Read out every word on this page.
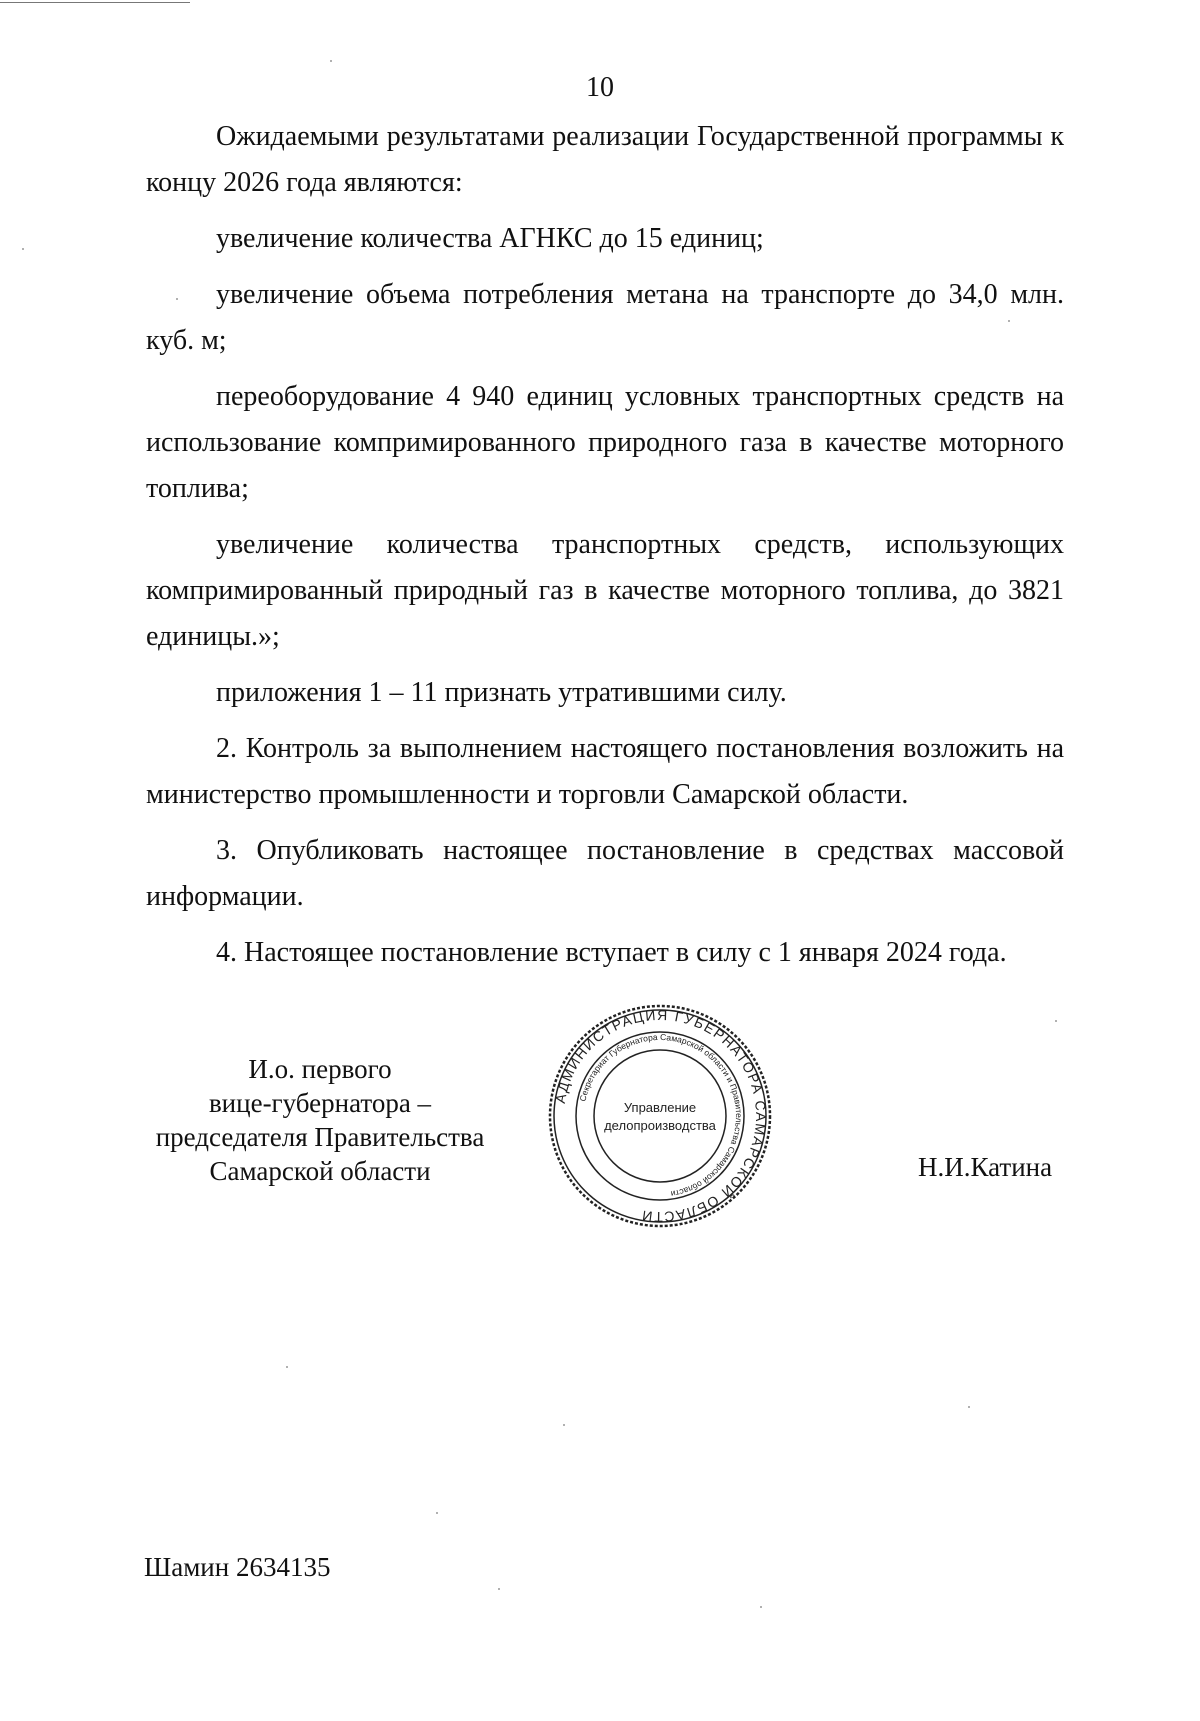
10

Ожидаемыми результатами реализации Государственной программы к концу 2026 года являются:

увеличение количества АГНКС до 15 единиц;

увеличение объема потребления метана на транспорте до 34,0 млн. куб. м;

переоборудование 4 940 единиц условных транспортных средств на использование компримированного природного газа в качестве моторного топлива;

увеличение количества транспортных средств, использующих компримированный природный газ в качестве моторного топлива, до 3821 единицы.»;

приложения 1 – 11 признать утратившими силу.

2. Контроль за выполнением настоящего постановления возложить на министерство промышленности и торговли Самарской области.

3. Опубликовать настоящее постановление в средствах массовой информации.

4. Настоящее постановление вступает в силу с 1 января 2024 года.

И.о. первого
вице-губернатора –
председателя Правительства
Самарской области
АДМИНИСТРАЦИЯ ГУБЕРНАТОРА САМАРСКОЙ ОБЛАСТИ
Секретариат Губернатора Самарской области и Правительства Самарской области
Управление
делопроизводства
Н.И.Катина
Шамин 2634135
